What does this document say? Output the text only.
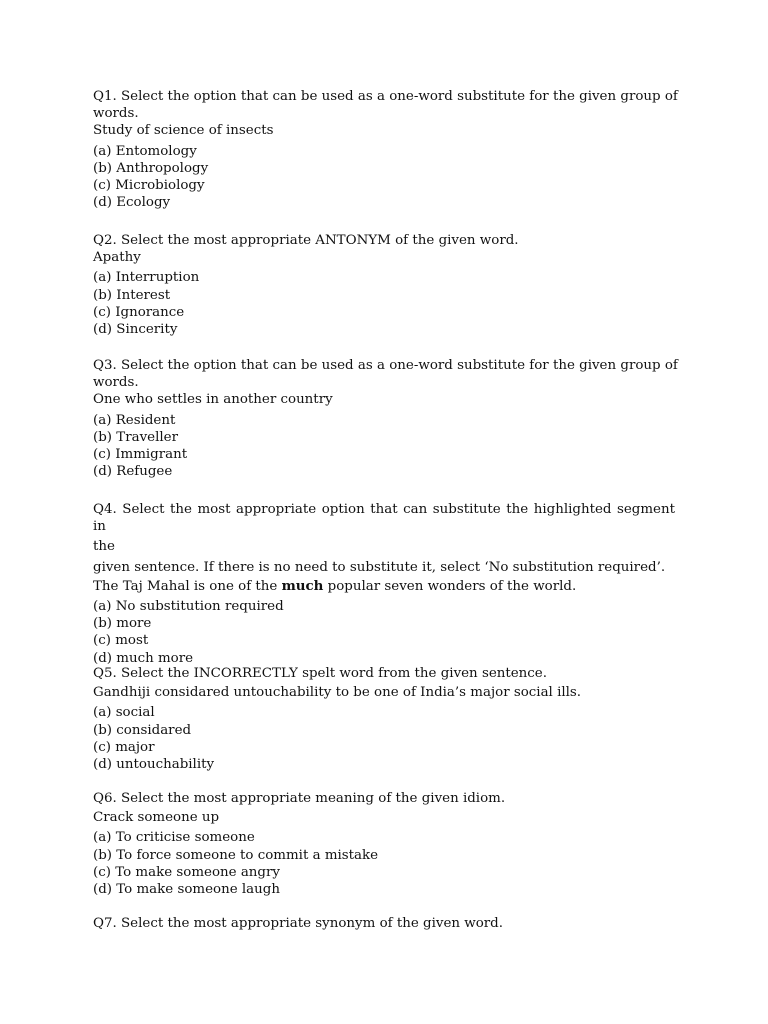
Q1. Select the option that can be used as a one-word substitute for the given group of
words.
Study of science of insects
(a) Entomology
(b) Anthropology
(c) Microbiology
(d) Ecology
Q2. Select the most appropriate ANTONYM of the given word.
Apathy
(a) Interruption
(b) Interest
(c) Ignorance
(d) Sincerity
Q3. Select the option that can be used as a one-word substitute for the given group of
words.
One who settles in another country
(a) Resident
(b) Traveller
(c) Immigrant
(d) Refugee
Q4. Select the most appropriate option that can substitute the highlighted segment in
the
given sentence. If there is no need to substitute it, select ‘No substitution required’.
The Taj Mahal is one of the much popular seven wonders of the world.
(a) No substitution required
(b) more
(c) most
(d) much more
Q5. Select the INCORRECTLY spelt word from the given sentence.
Gandhiji considared untouchability to be one of India’s major social ills.
(a) social
(b) considared
(c) major
(d) untouchability
Q6. Select the most appropriate meaning of the given idiom.
Crack someone up
(a) To criticise someone
(b) To force someone to commit a mistake
(c) To make someone angry
(d) To make someone laugh
Q7. Select the most appropriate synonym of the given word.
